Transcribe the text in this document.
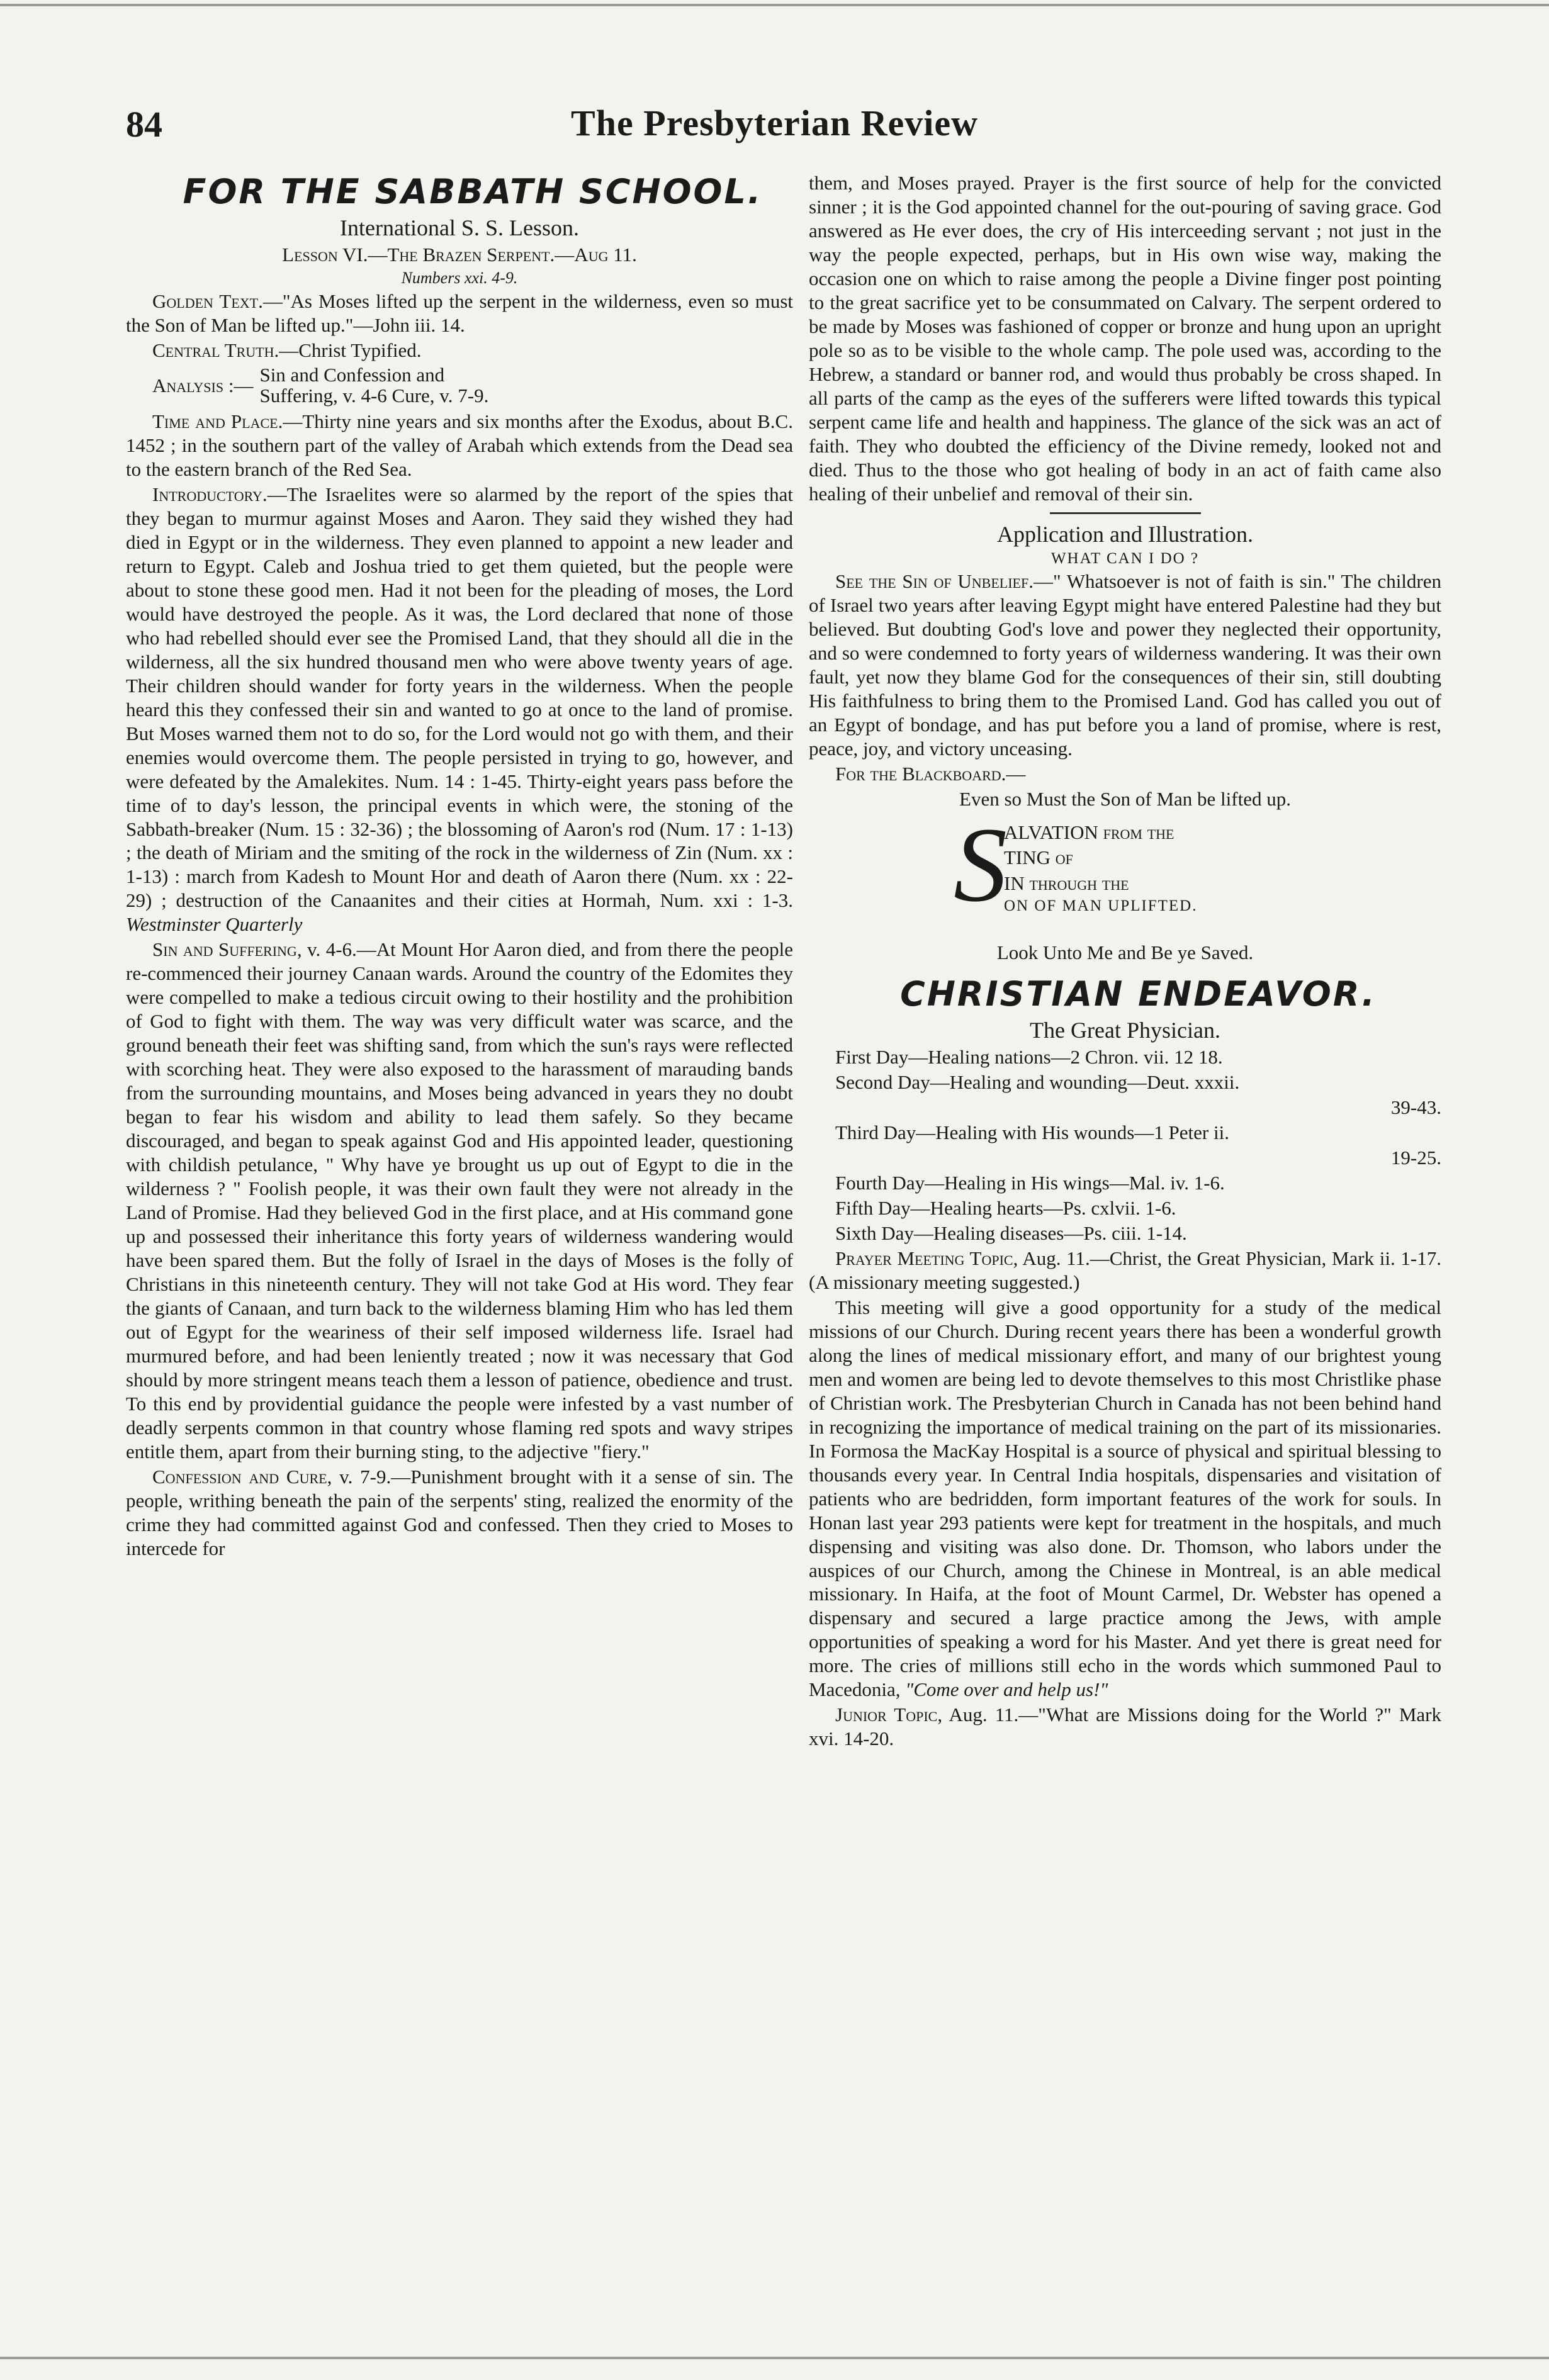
84	The Presbyterian Review

FOR THE SABBATH SCHOOL.

International S. S. Lesson.

Lesson VI.—The Brazen Serpent.—Aug 11.

Numbers xxi. 4-9.

Golden Text.—"As Moses lifted up the serpent in the wilderness, even so must the Son of Man be lifted up."—John iii. 14.

Central Truth.—Christ Typified.

Analysis :— Sin and Confession and
Suffering, v. 4-6 Cure, v. 7-9.

Time and Place.—Thirty nine years and six months after the Exodus, about B.C. 1452 ; in the southern part of the valley of Arabah which extends from the Dead sea to the eastern branch of the Red Sea.

Introductory.—The Israelites were so alarmed by the report of the spies that they began to murmur against Moses and Aaron. They said they wished they had died in Egypt or in the wilderness. They even planned to appoint a new leader and return to Egypt. Caleb and Joshua tried to get them quieted, but the people were about to stone these good men. Had it not been for the pleading of moses, the Lord would have destroyed the people. As it was, the Lord declared that none of those who had rebelled should ever see the Promised Land, that they should all die in the wilderness, all the six hundred thousand men who were above twenty years of age. Their children should wander for forty years in the wilderness. When the people heard this they confessed their sin and wanted to go at once to the land of promise. But Moses warned them not to do so, for the Lord would not go with them, and their enemies would overcome them. The people persisted in trying to go, however, and were defeated by the Amalekites. Num. 14 : 1-45. Thirty-eight years pass before the time of to day's lesson, the principal events in which were, the stoning of the Sabbath-breaker (Num. 15 : 32-36) ; the blossoming of Aaron's rod (Num. 17 : 1-13) ; the death of Miriam and the smiting of the rock in the wilderness of Zin (Num. xx : 1-13) : march from Kadesh to Mount Hor and death of Aaron there (Num. xx : 22-29) ; destruction of the Canaanites and their cities at Hormah, Num. xxi : 1-3. Westminster Quarterly

Sin and Suffering, v. 4-6.—At Mount Hor Aaron died, and from there the people re-commenced their journey Canaan wards. Around the country of the Edomites they were compelled to make a tedious circuit owing to their hostility and the prohibition of God to fight with them. The way was very difficult water was scarce, and the ground beneath their feet was shifting sand, from which the sun's rays were reflected with scorching heat. They were also exposed to the harassment of marauding bands from the surrounding mountains, and Moses being advanced in years they no doubt began to fear his wisdom and ability to lead them safely. So they became discouraged, and began to speak against God and His appointed leader, questioning with childish petulance, " Why have ye brought us up out of Egypt to die in the wilderness ? " Foolish people, it was their own fault they were not already in the Land of Promise. Had they believed God in the first place, and at His command gone up and possessed their inheritance this forty years of wilderness wandering would have been spared them. But the folly of Israel in the days of Moses is the folly of Christians in this nineteenth century. They will not take God at His word. They fear the giants of Canaan, and turn back to the wilderness blaming Him who has led them out of Egypt for the weariness of their self imposed wilderness life. Israel had murmured before, and had been leniently treated ; now it was necessary that God should by more stringent means teach them a lesson of patience, obedience and trust. To this end by providential guidance the people were infested by a vast number of deadly serpents common in that country whose flaming red spots and wavy stripes entitle them, apart from their burning sting, to the adjective "fiery."

Confession and Cure, v. 7-9.—Punishment brought with it a sense of sin. The people, writhing beneath the pain of the serpents' sting, realized the enormity of the crime they had committed against God and confessed. Then they cried to Moses to intercede for

them, and Moses prayed. Prayer is the first source of help for the convicted sinner ; it is the God appointed channel for the out-pouring of saving grace. God answered as He ever does, the cry of His interceeding servant ; not just in the way the people expected, perhaps, but in His own wise way, making the occasion one on which to raise among the people a Divine finger post pointing to the great sacrifice yet to be consummated on Calvary. The serpent ordered to be made by Moses was fashioned of copper or bronze and hung upon an upright pole so as to be visible to the whole camp. The pole used was, according to the Hebrew, a standard or banner rod, and would thus probably be cross shaped. In all parts of the camp as the eyes of the sufferers were lifted towards this typical serpent came life and health and happiness. The glance of the sick was an act of faith. They who doubted the efficiency of the Divine remedy, looked not and died. Thus to the those who got healing of body in an act of faith came also healing of their unbelief and removal of their sin.

Application and Illustration.

WHAT CAN I DO ?

See the Sin of Unbelief.—" Whatsoever is not of faith is sin." The children of Israel two years after leaving Egypt might have entered Palestine had they but believed. But doubting God's love and power they neglected their opportunity, and so were condemned to forty years of wilderness wandering. It was their own fault, yet now they blame God for the consequences of their sin, still doubting His faithfulness to bring them to the Promised Land. God has called you out of an Egypt of bondage, and has put before you a land of promise, where is rest, peace, joy, and victory unceasing.

For the Blackboard.—

Even so Must the Son of Man be lifted up.

S
ALVATION from the
TING of
IN through the
ON OF MAN UPLIFTED.

Look Unto Me and Be ye Saved.

CHRISTIAN ENDEAVOR.

The Great Physician.

First Day—Healing nations—2 Chron. vii. 12 18.

Second Day—Healing and wounding—Deut. xxxii.

39-43.

Third Day—Healing with His wounds—1 Peter ii.

19-25.

Fourth Day—Healing in His wings—Mal. iv. 1-6.

Fifth Day—Healing hearts—Ps. cxlvii. 1-6.

Sixth Day—Healing diseases—Ps. ciii. 1-14.

Prayer Meeting Topic, Aug. 11.—Christ, the Great Physician, Mark ii. 1-17. (A missionary meeting suggested.)

This meeting will give a good opportunity for a study of the medical missions of our Church. During recent years there has been a wonderful growth along the lines of medical missionary effort, and many of our brightest young men and women are being led to devote themselves to this most Christlike phase of Christian work. The Presbyterian Church in Canada has not been behind hand in recognizing the importance of medical training on the part of its missionaries. In Formosa the MacKay Hospital is a source of physical and spiritual blessing to thousands every year. In Central India hospitals, dispensaries and visitation of patients who are bedridden, form important features of the work for souls. In Honan last year 293 patients were kept for treatment in the hospitals, and much dispensing and visiting was also done. Dr. Thomson, who labors under the auspices of our Church, among the Chinese in Montreal, is an able medical missionary. In Haifa, at the foot of Mount Carmel, Dr. Webster has opened a dispensary and secured a large practice among the Jews, with ample opportunities of speaking a word for his Master. And yet there is great need for more. The cries of millions still echo in the words which summoned Paul to Macedonia, "Come over and help us!"

Junior Topic, Aug. 11.—"What are Missions doing for the World ?" Mark xvi. 14-20.
